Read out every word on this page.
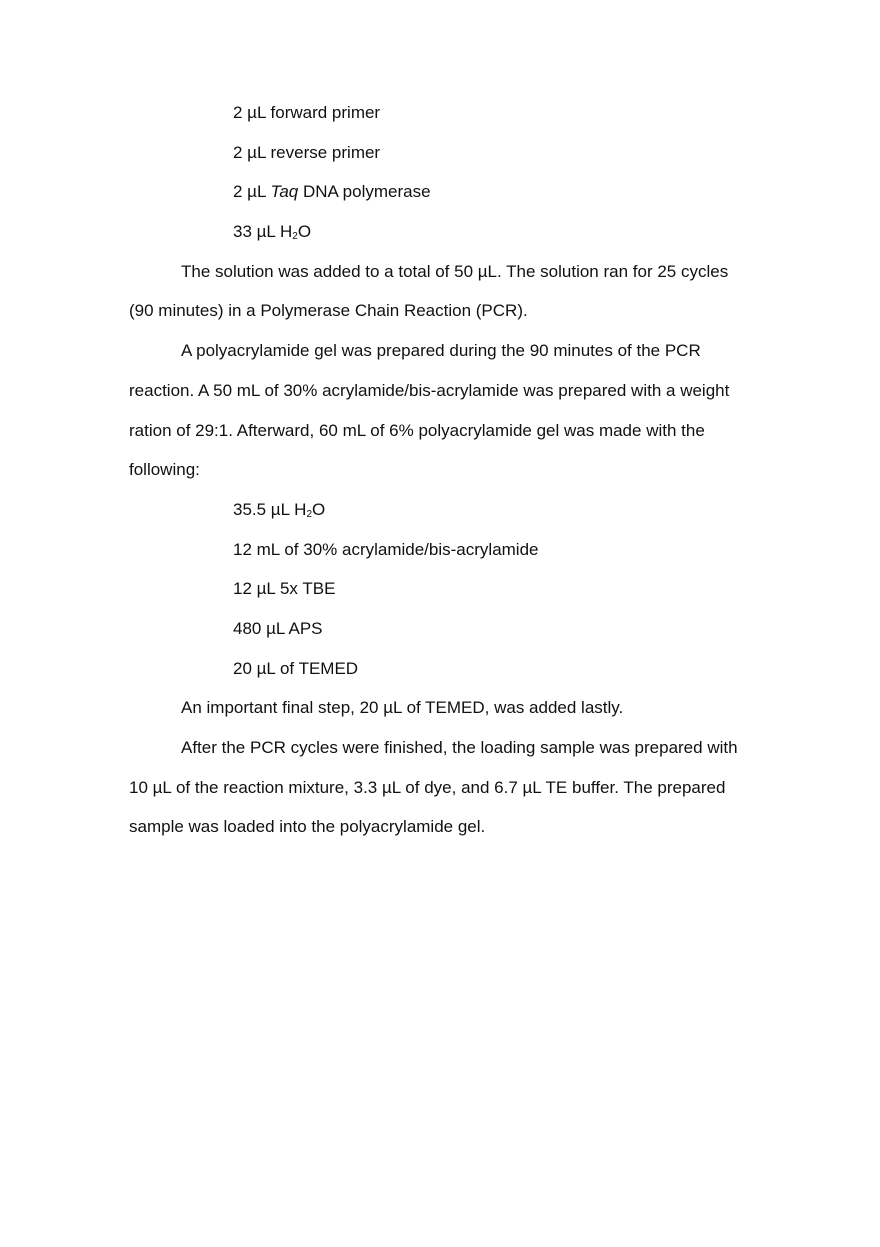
2 µL forward primer
2 µL reverse primer
2 µL Taq DNA polymerase
33 µL $H_2O$
The solution was added to a total of 50 µL. The solution ran for 25 cycles
(90 minutes) in a Polymerase Chain Reaction (PCR).
A polyacrylamide gel was prepared during the 90 minutes of the PCR
reaction. A 50 mL of 30% acrylamide/bis-acrylamide was prepared with a weight
ration of 29:1. Afterward, 60 mL of 6% polyacrylamide gel was made with the
following:
35.5 µL $H_2O$
12 mL of 30% acrylamide/bis-acrylamide
12 µL 5x TBE
480 µL APS
20 µL of TEMED
An important final step, 20 µL of TEMED, was added lastly.
After the PCR cycles were finished, the loading sample was prepared with
10 µL of the reaction mixture, 3.3 µL of dye, and 6.7 µL TE buffer. The prepared
sample was loaded into the polyacrylamide gel.
